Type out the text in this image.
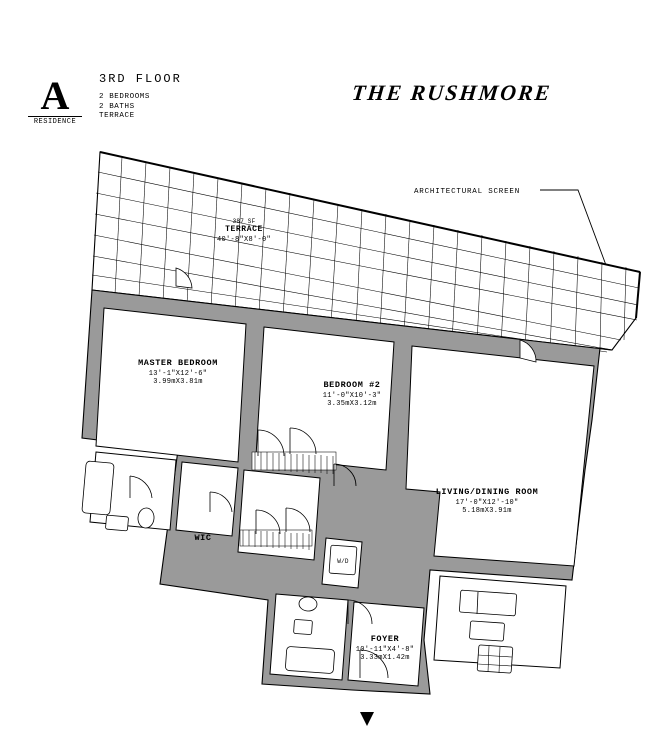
A
RESIDENCE
3RD FLOOR
2 BEDROOMS
2 BATHS
TERRACE
THE RUSHMORE
ARCHITECTURAL SCREEN
387 SF
TERRACE
40'-8"X8'-0"
MASTER BEDROOM
13'-1"X12'-6"
3.99mX3.81m	BEDROOM #2
11'-0"X10'-3"
3.35mX3.12m
LIVING/DINING ROOM
17'-0"X12'-10"
5.18mX3.91m
FOYER
10'-11"X4'-8"
3.33mX1.42m
WIC
W/D
